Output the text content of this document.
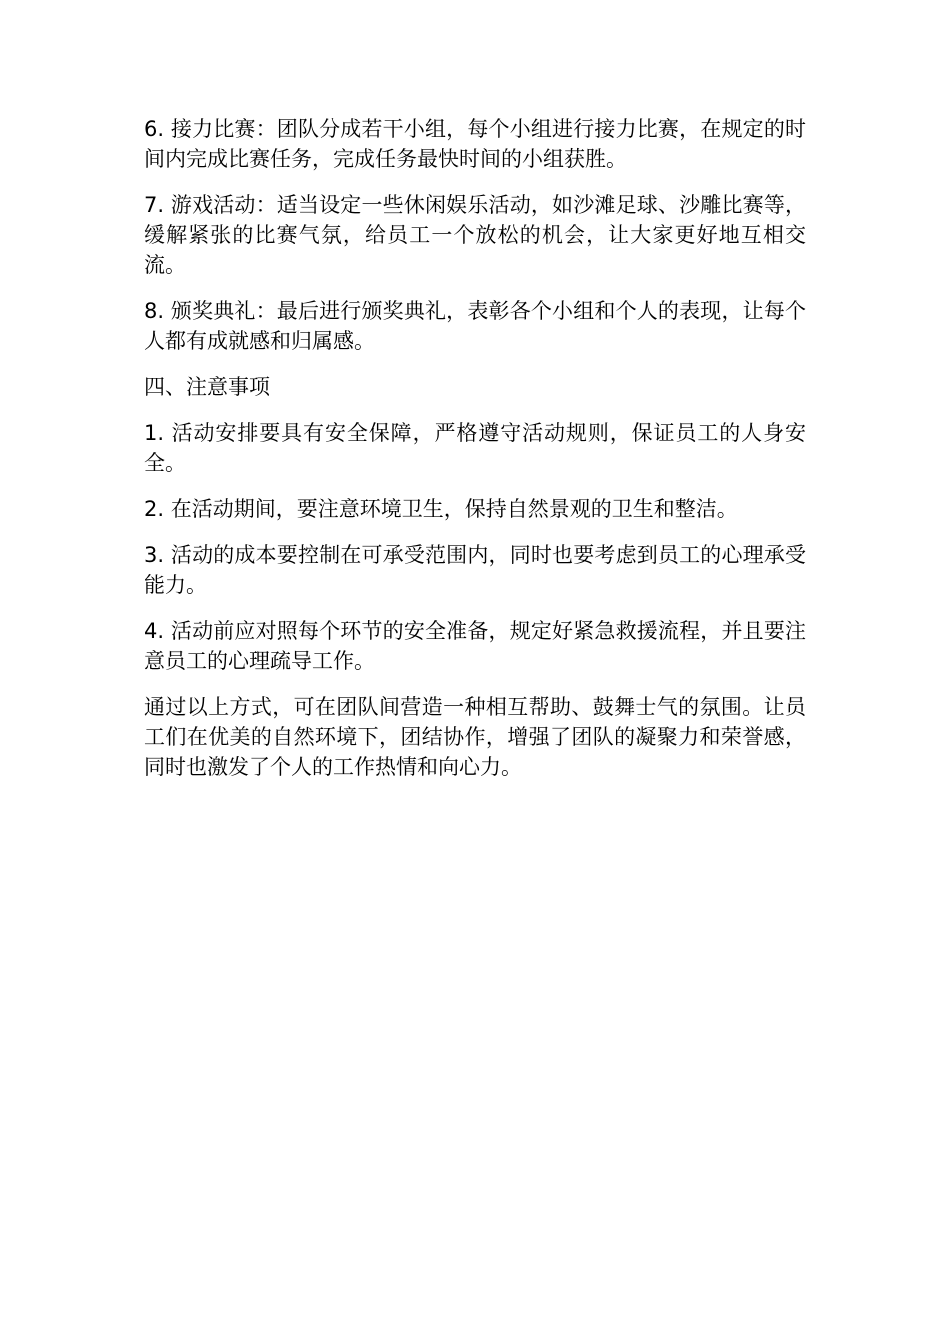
6. 接力比赛：团队分成若干小组，每个小组进行接力比赛，在规定的时间内完成比赛任务，完成任务最快时间的小组获胜。

7. 游戏活动：适当设定一些休闲娱乐活动，如沙滩足球、沙雕比赛等，缓解紧张的比赛气氛，给员工一个放松的机会，让大家更好地互相交流。

8. 颁奖典礼：最后进行颁奖典礼，表彰各个小组和个人的表现，让每个人都有成就感和归属感。

四、注意事项

1. 活动安排要具有安全保障，严格遵守活动规则，保证员工的人身安全。

2. 在活动期间，要注意环境卫生，保持自然景观的卫生和整洁。

3. 活动的成本要控制在可承受范围内，同时也要考虑到员工的心理承受能力。

4. 活动前应对照每个环节的安全准备，规定好紧急救援流程，并且要注意员工的心理疏导工作。

通过以上方式，可在团队间营造一种相互帮助、鼓舞士气的氛围。让员工们在优美的自然环境下，团结协作，增强了团队的凝聚力和荣誉感，同时也激发了个人的工作热情和向心力。
